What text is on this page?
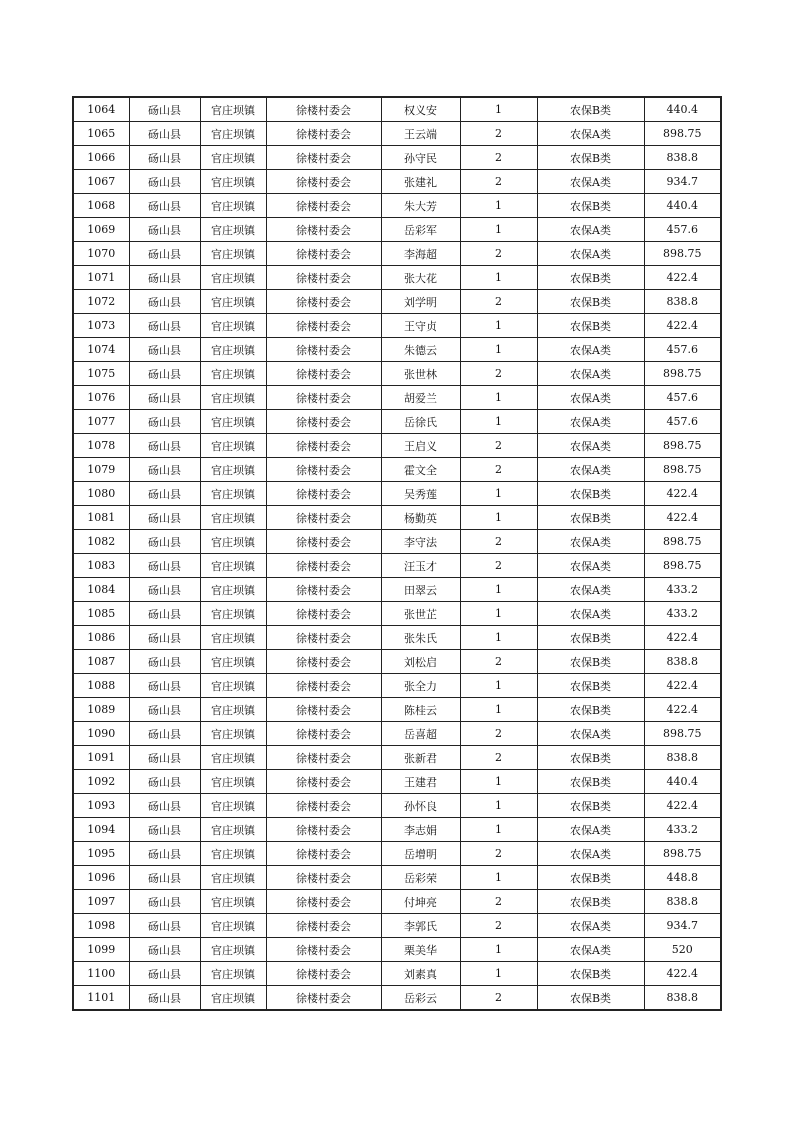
1064	砀山县	官庄坝镇	徐楼村委会	权义安	1	农保B类	440.4
1065	砀山县	官庄坝镇	徐楼村委会	王云端	2	农保A类	898.75
1066	砀山县	官庄坝镇	徐楼村委会	孙守民	2	农保B类	838.8
1067	砀山县	官庄坝镇	徐楼村委会	张建礼	2	农保A类	934.7
1068	砀山县	官庄坝镇	徐楼村委会	朱大芳	1	农保B类	440.4
1069	砀山县	官庄坝镇	徐楼村委会	岳彩军	1	农保A类	457.6
1070	砀山县	官庄坝镇	徐楼村委会	李海超	2	农保A类	898.75
1071	砀山县	官庄坝镇	徐楼村委会	张大花	1	农保B类	422.4
1072	砀山县	官庄坝镇	徐楼村委会	刘学明	2	农保B类	838.8
1073	砀山县	官庄坝镇	徐楼村委会	王守贞	1	农保B类	422.4
1074	砀山县	官庄坝镇	徐楼村委会	朱德云	1	农保A类	457.6
1075	砀山县	官庄坝镇	徐楼村委会	张世林	2	农保A类	898.75
1076	砀山县	官庄坝镇	徐楼村委会	胡爱兰	1	农保A类	457.6
1077	砀山县	官庄坝镇	徐楼村委会	岳徐氏	1	农保A类	457.6
1078	砀山县	官庄坝镇	徐楼村委会	王启义	2	农保A类	898.75
1079	砀山县	官庄坝镇	徐楼村委会	霍文全	2	农保A类	898.75
1080	砀山县	官庄坝镇	徐楼村委会	吴秀莲	1	农保B类	422.4
1081	砀山县	官庄坝镇	徐楼村委会	杨勤英	1	农保B类	422.4
1082	砀山县	官庄坝镇	徐楼村委会	李守法	2	农保A类	898.75
1083	砀山县	官庄坝镇	徐楼村委会	汪玉才	2	农保A类	898.75
1084	砀山县	官庄坝镇	徐楼村委会	田翠云	1	农保A类	433.2
1085	砀山县	官庄坝镇	徐楼村委会	张世芷	1	农保A类	433.2
1086	砀山县	官庄坝镇	徐楼村委会	张朱氏	1	农保B类	422.4
1087	砀山县	官庄坝镇	徐楼村委会	刘松启	2	农保B类	838.8
1088	砀山县	官庄坝镇	徐楼村委会	张全力	1	农保B类	422.4
1089	砀山县	官庄坝镇	徐楼村委会	陈桂云	1	农保B类	422.4
1090	砀山县	官庄坝镇	徐楼村委会	岳喜超	2	农保A类	898.75
1091	砀山县	官庄坝镇	徐楼村委会	张新君	2	农保B类	838.8
1092	砀山县	官庄坝镇	徐楼村委会	王建君	1	农保B类	440.4
1093	砀山县	官庄坝镇	徐楼村委会	孙怀良	1	农保B类	422.4
1094	砀山县	官庄坝镇	徐楼村委会	李志娟	1	农保A类	433.2
1095	砀山县	官庄坝镇	徐楼村委会	岳增明	2	农保A类	898.75
1096	砀山县	官庄坝镇	徐楼村委会	岳彩荣	1	农保B类	448.8
1097	砀山县	官庄坝镇	徐楼村委会	付坤亮	2	农保B类	838.8
1098	砀山县	官庄坝镇	徐楼村委会	李郭氏	2	农保A类	934.7
1099	砀山县	官庄坝镇	徐楼村委会	栗美华	1	农保A类	520
1100	砀山县	官庄坝镇	徐楼村委会	刘素真	1	农保B类	422.4
1101	砀山县	官庄坝镇	徐楼村委会	岳彩云	2	农保B类	838.8
